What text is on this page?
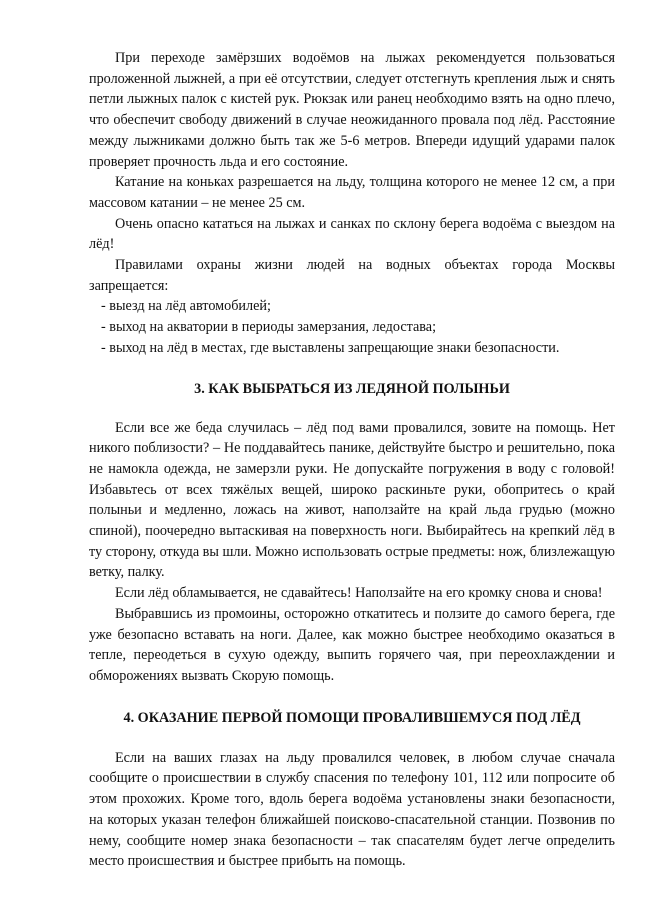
При переходе замёрзших водоёмов на лыжах рекомендуется пользоваться проложенной лыжней, а при её отсутствии, следует отстегнуть крепления лыж и снять петли лыжных палок с кистей рук. Рюкзак или ранец необходимо взять на одно плечо, что обеспечит свободу движений в случае неожиданного провала под лёд. Расстояние между лыжниками должно быть так же 5-6 метров. Впереди идущий ударами палок проверяет прочность льда и его состояние.

Катание на коньках разрешается на льду, толщина которого не менее 12 см, а при массовом катании – не менее 25 см.

Очень опасно кататься на лыжах и санках по склону берега водоёма с выездом на лёд!

Правилами охраны жизни людей на водных объектах города Москвы запрещается:

- выезд на лёд автомобилей;

- выход на акватории в периоды замерзания, ледостава;

- выход на лёд в местах, где выставлены запрещающие знаки безопасности.

3. КАК ВЫБРАТЬСЯ ИЗ ЛЕДЯНОЙ ПОЛЫНЬИ

Если все же беда случилась – лёд под вами провалился, зовите на помощь. Нет никого поблизости? – Не поддавайтесь панике, действуйте быстро и решительно, пока не намокла одежда, не замерзли руки. Не допускайте погружения в воду с головой! Избавьтесь от всех тяжёлых вещей, широко раскиньте руки, обопритесь о край полыньи и медленно, ложась на живот, наползайте на край льда грудью (можно спиной), поочередно вытаскивая на поверхность ноги. Выбирайтесь на крепкий лёд в ту сторону, откуда вы шли. Можно использовать острые предметы: нож, близлежащую ветку, палку.

Если лёд обламывается, не сдавайтесь! Наползайте на его кромку снова и снова!

Выбравшись из промоины, осторожно откатитесь и ползите до самого берега, где уже безопасно вставать на ноги. Далее, как можно быстрее необходимо оказаться в тепле, переодеться в сухую одежду, выпить горячего чая, при переохлаждении и обморожениях вызвать Скорую помощь.

4. ОКАЗАНИЕ ПЕРВОЙ ПОМОЩИ ПРОВАЛИВШЕМУСЯ ПОД ЛЁД

Если на ваших глазах на льду провалился человек, в любом случае сначала сообщите о происшествии в службу спасения по телефону 101, 112 или попросите об этом прохожих. Кроме того, вдоль берега водоёма установлены знаки безопасности, на которых указан телефон ближайшей поисково-спасательной станции. Позвонив по нему, сообщите номер знака безопасности – так спасателям будет легче определить место происшествия и быстрее прибыть на помощь.
